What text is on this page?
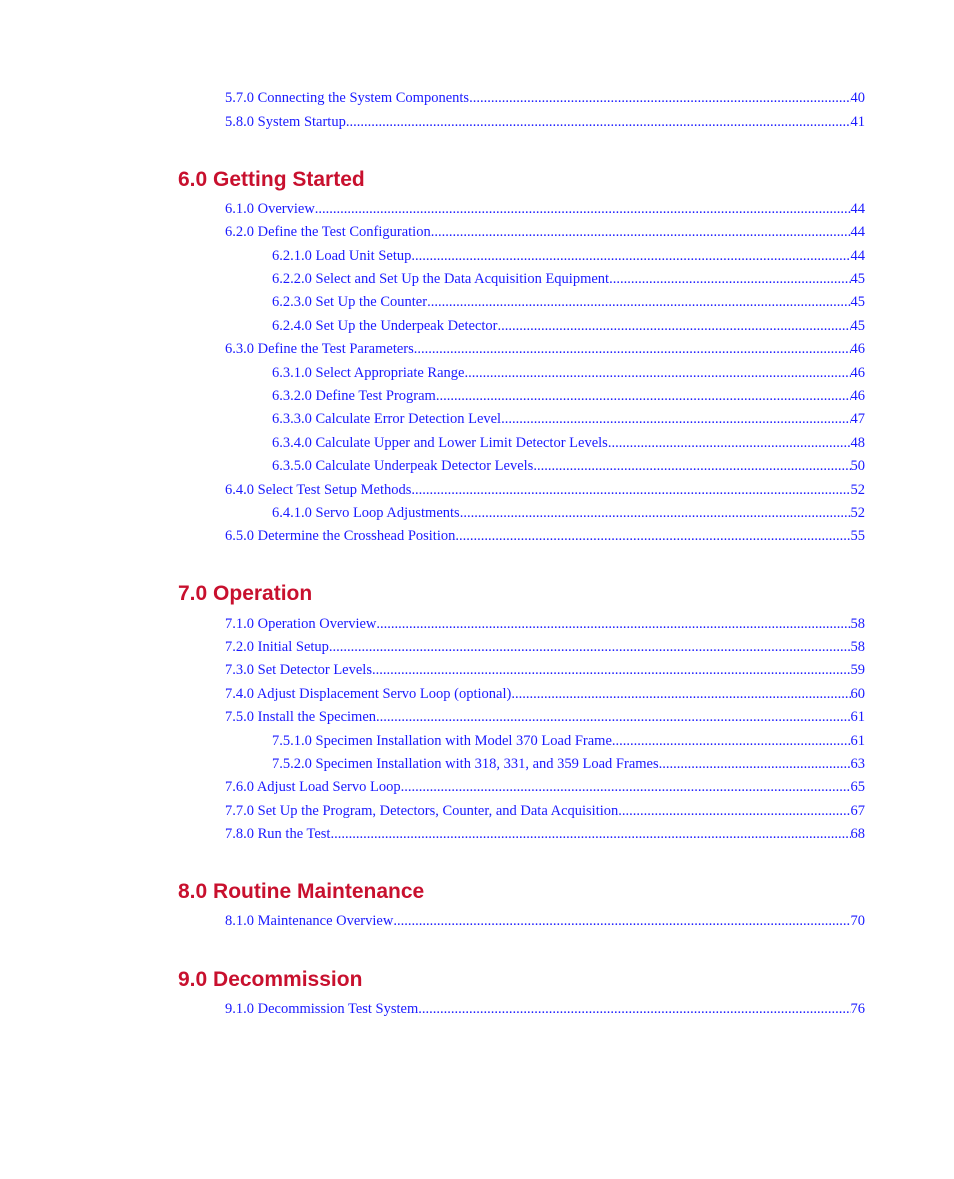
5.7.0 Connecting the System Components .....	40
5.8.0 System Startup .....	41
6.0 Getting Started
6.1.0 Overview .....	44
6.2.0 Define the Test Configuration .....	44
6.2.1.0 Load Unit Setup .....	44
6.2.2.0 Select and Set Up the Data Acquisition Equipment .....	45
6.2.3.0 Set Up the Counter .....	45
6.2.4.0 Set Up the Underpeak Detector .....	45
6.3.0 Define the Test Parameters .....	46
6.3.1.0 Select Appropriate Range .....	46
6.3.2.0 Define Test Program .....	46
6.3.3.0 Calculate Error Detection Level .....	47
6.3.4.0 Calculate Upper and Lower Limit Detector Levels .....	48
6.3.5.0 Calculate Underpeak Detector Levels .....	50
6.4.0 Select Test Setup Methods .....	52
6.4.1.0 Servo Loop Adjustments .....	52
6.5.0 Determine the Crosshead Position .....	55
7.0 Operation
7.1.0 Operation Overview .....	58
7.2.0 Initial Setup .....	58
7.3.0 Set Detector Levels .....	59
7.4.0 Adjust Displacement Servo Loop (optional) .....	60
7.5.0 Install the Specimen .....	61
7.5.1.0 Specimen Installation with Model 370 Load Frame .....	61
7.5.2.0 Specimen Installation with 318, 331, and 359 Load Frames .....	63
7.6.0 Adjust Load Servo Loop .....	65
7.7.0 Set Up the Program, Detectors, Counter, and Data Acquisition .....	67
7.8.0 Run the Test .....	68
8.0 Routine Maintenance
8.1.0 Maintenance Overview .....	70
9.0 Decommission
9.1.0 Decommission Test System .....	76
